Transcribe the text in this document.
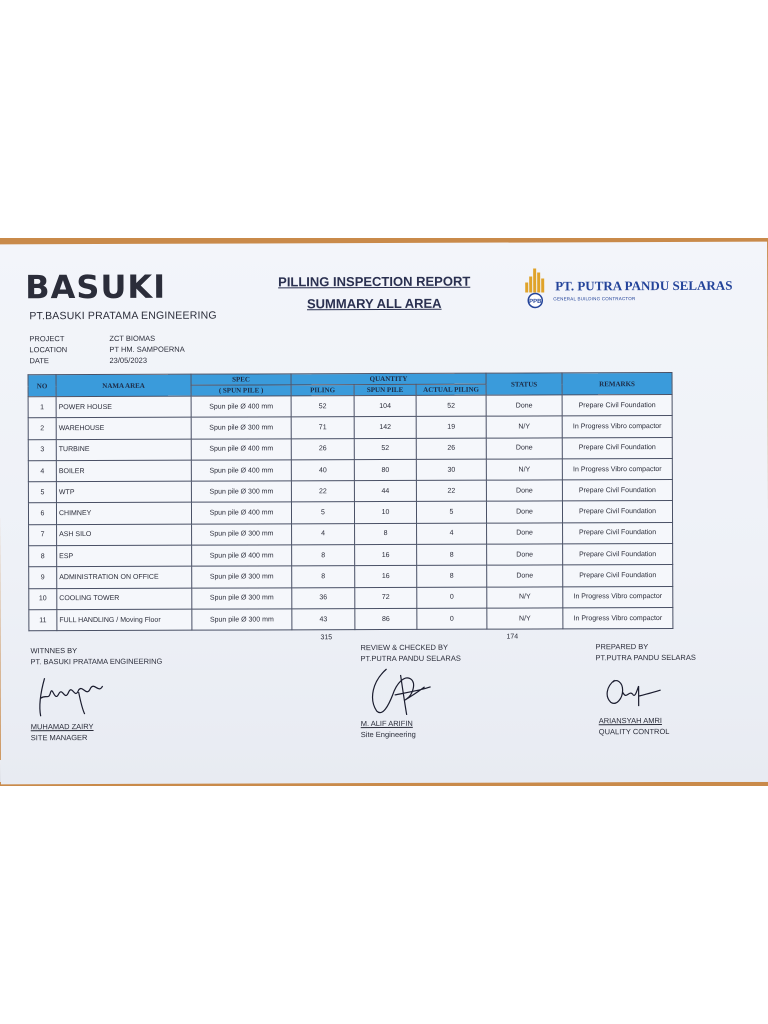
BASUKI
PT.BASUKI PRATAMA ENGINEERING
PILLING INSPECTION REPORT
SUMMARY ALL AREA	PPB
PT. PUTRA PANDU SELARAS
GENERAL BUILDING CONTRACTOR
PROJECT	ZCT BIOMAS
LOCATION	PT HM. SAMPOERNA
DATE	23/05/2023
NO	NAMA AREA	SPEC	QUANTITY			STATUS	REMARKS
		( SPUN PILE )	PILING	SPUN PILE	ACTUAL PILING		
1	POWER HOUSE	Spun pile Ø 400 mm	52	104	52	Done	Prepare Civil Foundation
2	WAREHOUSE	Spun pile Ø 300 mm	71	142	19	N/Y	In Progress Vibro compactor
3	TURBINE	Spun pile Ø 400 mm	26	52	26	Done	Prepare Civil Foundation
4	BOILER	Spun pile Ø 400 mm	40	80	30	N/Y	In Progress Vibro compactor
5	WTP	Spun pile Ø 300 mm	22	44	22	Done	Prepare Civil Foundation
6	CHIMNEY	Spun pile Ø 400 mm	5	10	5	Done	Prepare Civil Foundation
7	ASH SILO	Spun pile Ø 300 mm	4	8	4	Done	Prepare Civil Foundation
8	ESP	Spun pile Ø 400 mm	8	16	8	Done	Prepare Civil Foundation
9	ADMINISTRATION ON OFFICE	Spun pile Ø 300 mm	8	16	8	Done	Prepare Civil Foundation
10	COOLING TOWER	Spun pile Ø 300 mm	36	72	0	N/Y	In Progress Vibro compactor
11	FULL HANDLING / Moving Floor	Spun pile Ø 300 mm	43	86	0	N/Y	In Progress Vibro compactor
315	174
WITNNES BY
PT. BASUKI PRATAMA ENGINEERING
REVIEW & CHECKED BY
PT.PUTRA PANDU SELARAS
PREPARED BY
PT.PUTRA PANDU SELARAS
MUHAMAD ZAIRY
SITE MANAGER
M. ALIF ARIFIN
Site Engineering
ARIANSYAH AMRI
QUALITY CONTROL
